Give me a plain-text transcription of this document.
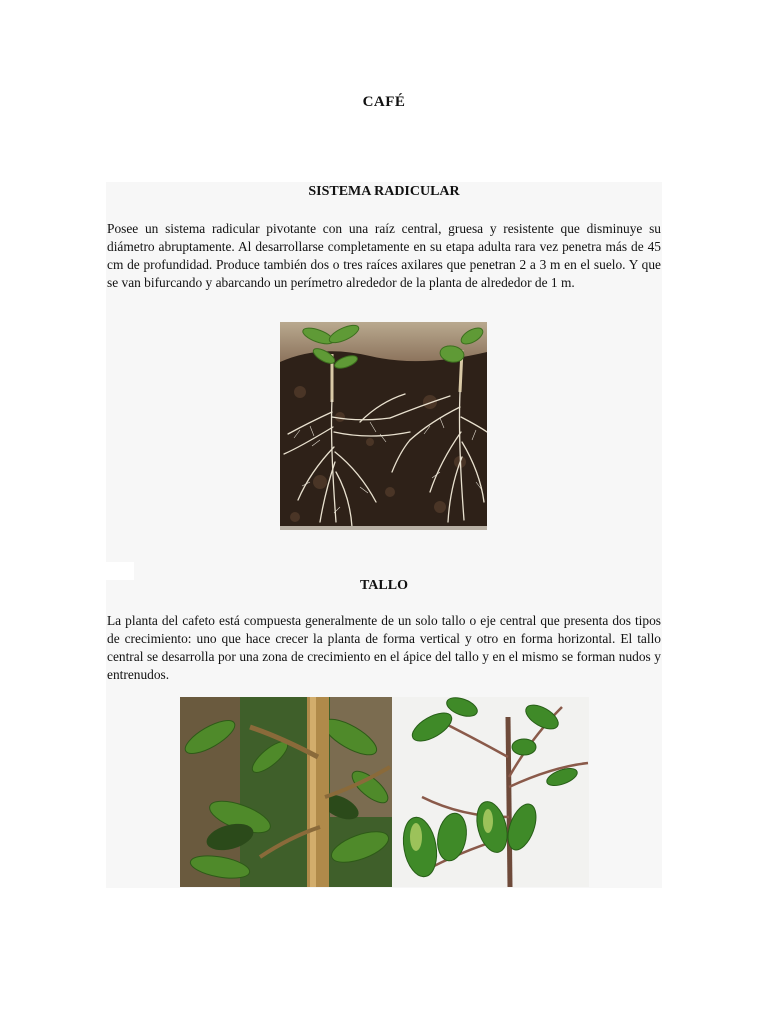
CAFÉ
SISTEMA RADICULAR

Posee un sistema radicular pivotante con una raíz central, gruesa y resistente que disminuye su diámetro abruptamente. Al desarrollarse completamente en su etapa adulta rara vez penetra más de 45 cm de profundidad. Produce también dos o tres raíces axilares que penetran 2 a 3 m en el suelo. Y que se van bifurcando y abarcando un perímetro alrededor de la planta de alrededor de 1 m.

TALLO

La planta del cafeto está compuesta generalmente de un solo tallo o eje central que presenta dos tipos de crecimiento: uno que hace crecer la planta de forma vertical y otro en forma horizontal. El tallo central se desarrolla por una zona de crecimiento en el ápice del tallo y en el mismo se forman nudos y entrenudos.
